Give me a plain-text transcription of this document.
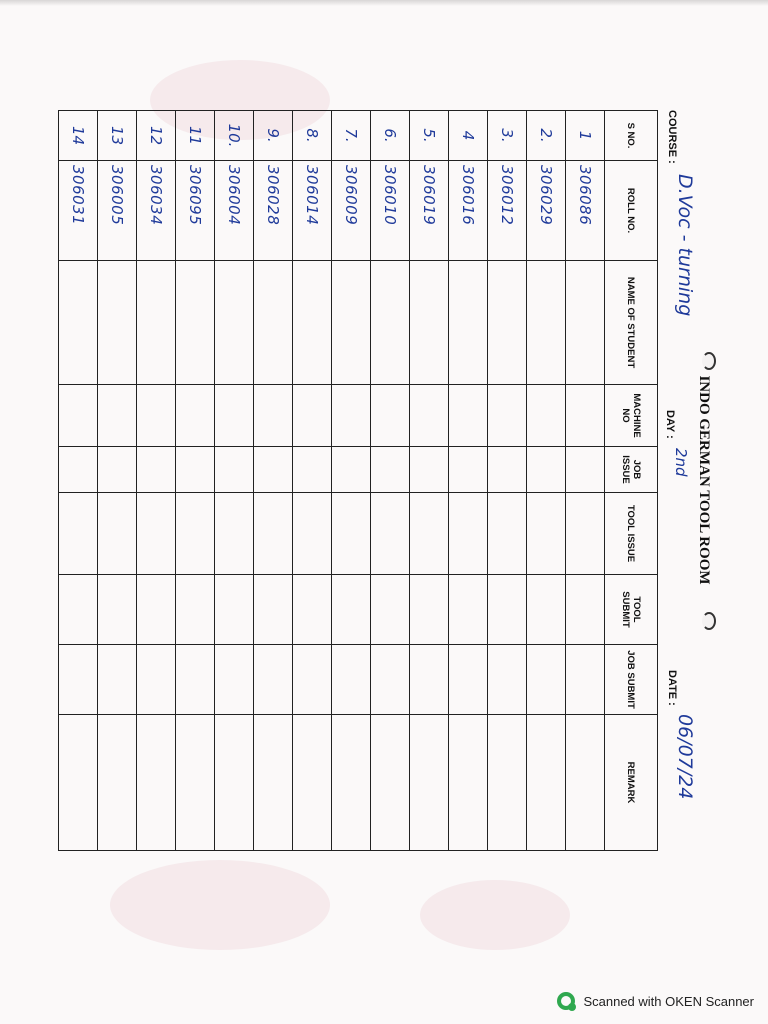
INDO GERMAN TOOL ROOM
COURSE :
D.Voc - turning
DAY :
2nd
DATE :
06/07/24
S NO.	ROLL NO.	NAME OF STUDENT	MACHINE NO	JOB ISSUE	TOOL ISSUE	TOOL SUBMIT	JOB SUBMIT	REMARK
1	306086							
2.	306029							
3.	306012							
4	306016							
5.	306019							
6.	306010							
7.	306009							
8.	306014							
9.	306028							
10.	306004							
11	306095							
12	306034							
13	306005							
14	306031							
Scanned with OKEN Scanner
